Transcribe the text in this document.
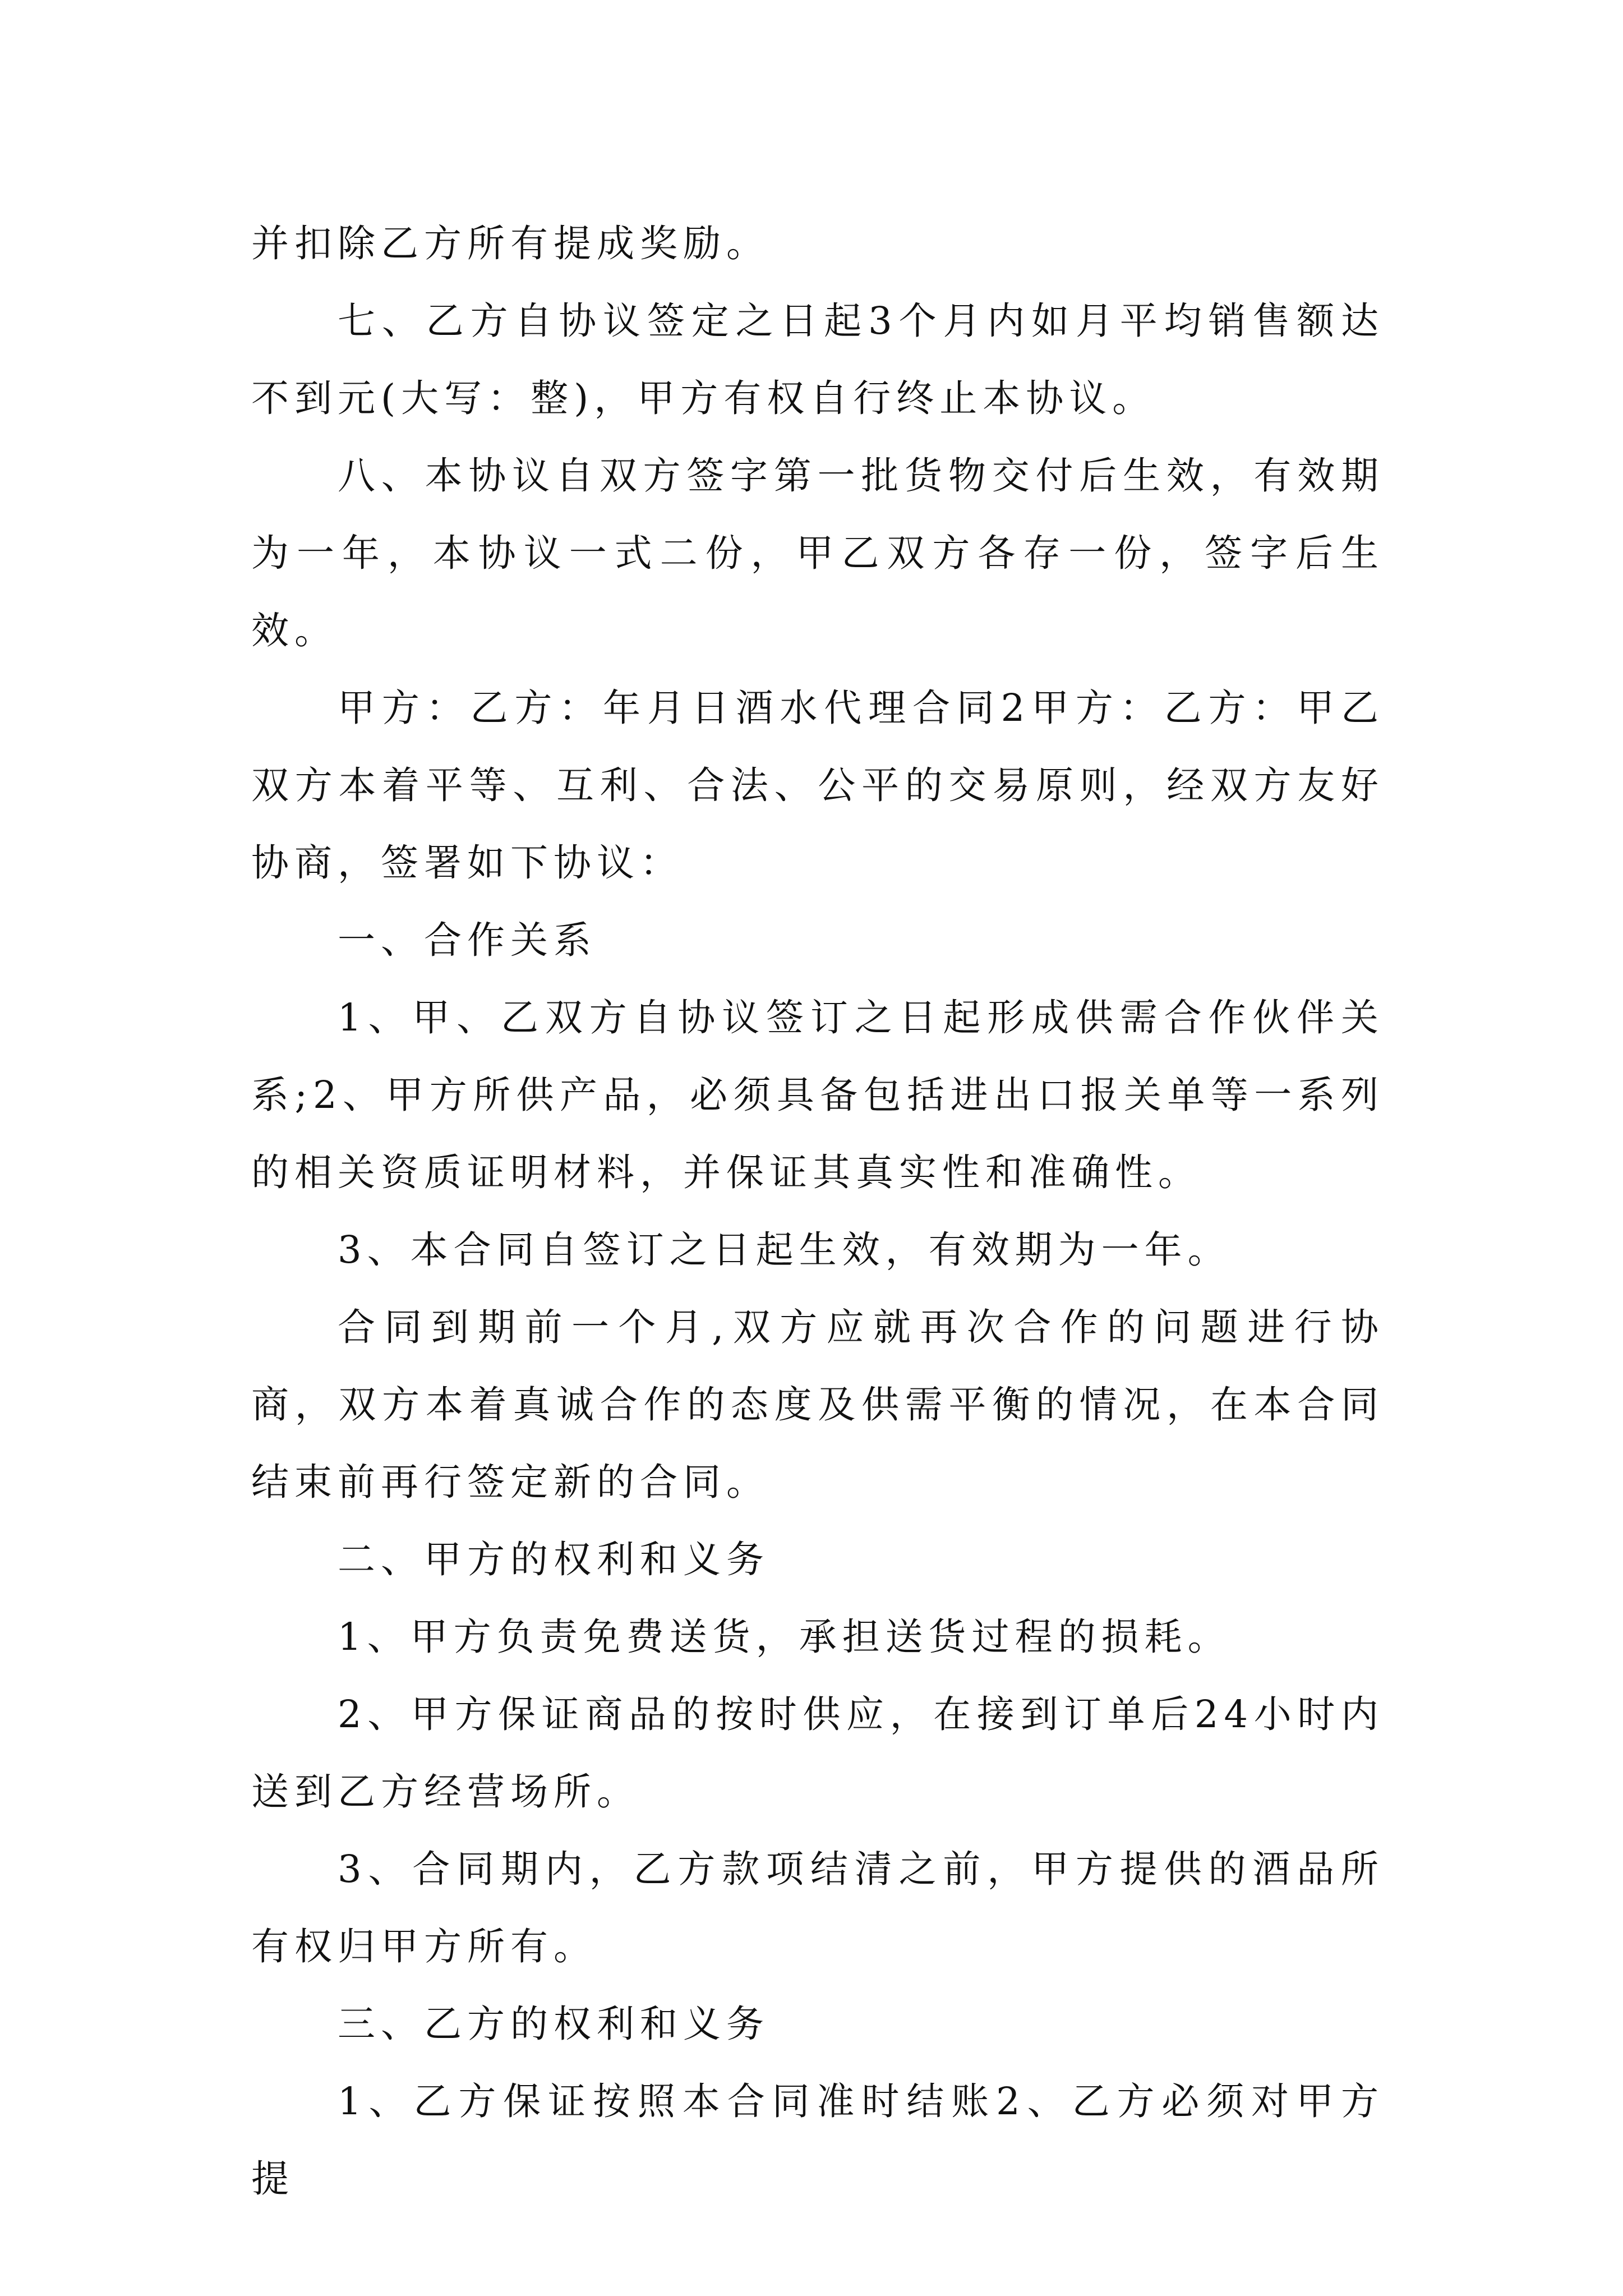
并扣除乙方所有提成奖励。

七、乙方自协议签定之日起3个月内如月平均销售额达不到元(大写：整)，甲方有权自行终止本协议。

八、本协议自双方签字第一批货物交付后生效，有效期为一年，本协议一式二份，甲乙双方各存一份，签字后生效。

甲方：乙方：年月日酒水代理合同2甲方：乙方：甲乙双方本着平等、互利、合法、公平的交易原则，经双方友好协商，签署如下协议：

一、合作关系

1、甲、乙双方自协议签订之日起形成供需合作伙伴关系;2、甲方所供产品，必须具备包括进出口报关单等一系列的相关资质证明材料，并保证其真实性和准确性。

3、本合同自签订之日起生效，有效期为一年。

合同到期前一个月,双方应就再次合作的问题进行协商，双方本着真诚合作的态度及供需平衡的情况，在本合同结束前再行签定新的合同。

二、甲方的权利和义务

1、甲方负责免费送货，承担送货过程的损耗。

2、甲方保证商品的按时供应，在接到订单后24小时内送到乙方经营场所。

3、合同期内，乙方款项结清之前，甲方提供的酒品所有权归甲方所有。

三、乙方的权利和义务

1、乙方保证按照本合同准时结账2、乙方必须对甲方提
